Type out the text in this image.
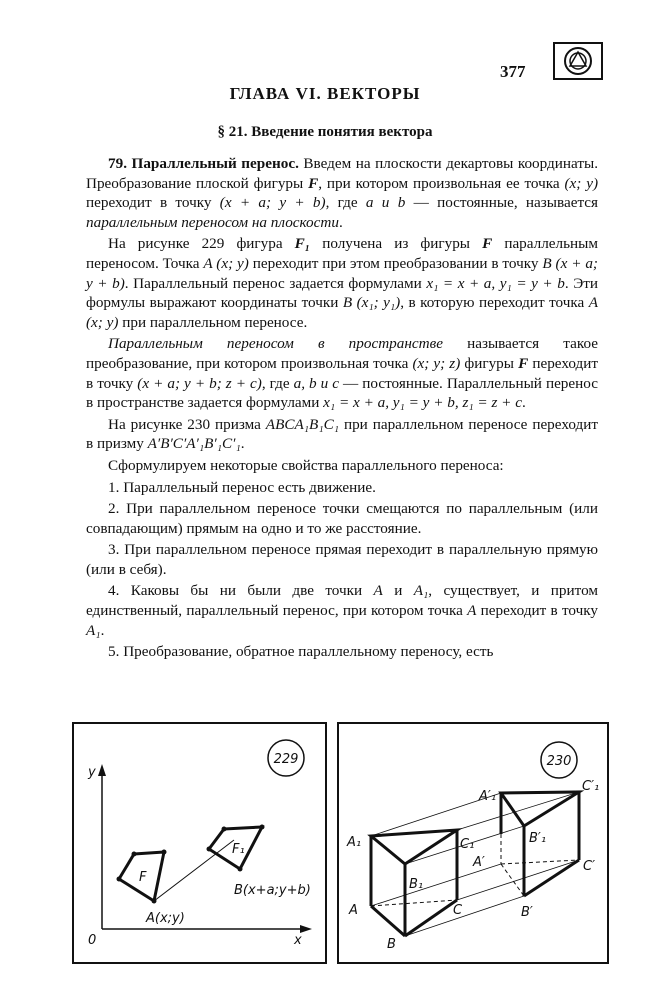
377
ГЛАВА VI. ВЕКТОРЫ
§ 21. Введение понятия вектора

79. Параллельный перенос. Введем на плоскости декартовы координаты. Преобразование плоской фигуры F, при котором произвольная ее точка (x; y) переходит в точку (x + a; y + b), где a и b — постоянные, называется параллельным переносом на плоскости.

На рисунке 229 фигура F₁ получена из фигуры F параллельным переносом. Точка A (x; y) переходит при этом преобразовании в точку B (x + a; y + b). Параллельный перенос задается формулами x₁ = x + a, y₁ = y + b. Эти формулы выражают координаты точки B (x₁; y₁), в которую переходит точка A (x; y) при параллельном переносе.

Параллельным переносом в пространстве называется такое преобразование, при котором произвольная точка (x; y; z) фигуры F переходит в точку (x + a; y + b; z + c), где a, b и c — постоянные. Параллельный перенос в пространстве задается формулами x₁ = x + a, y₁ = y + b, z₁ = z + c.

На рисунке 230 призма ABCA₁B₁C₁ при параллельном переносе переходит в призму A′B′C′A′₁B′₁C′₁.

Сформулируем некоторые свойства параллельного переноса:

1. Параллельный перенос есть движение.

2. При параллельном переносе точки смещаются по параллельным (или совпадающим) прямым на одно и то же расстояние.

3. При параллельном переносе прямая переходит в параллельную прямую (или в себя).

4. Каковы бы ни были две точки A и A₁, существует, и притом единственный, параллельный перенос, при котором точка A переходит в точку A₁.

5. Преобразование, обратное параллельному переносу, есть

229
y
x
0
F
F₁
A(x;y)
B(x+a;y+b)
230
A′₁
C′₁
A₁	C₁
A′
B′₁
C′
B₁
A	C	B′
B
